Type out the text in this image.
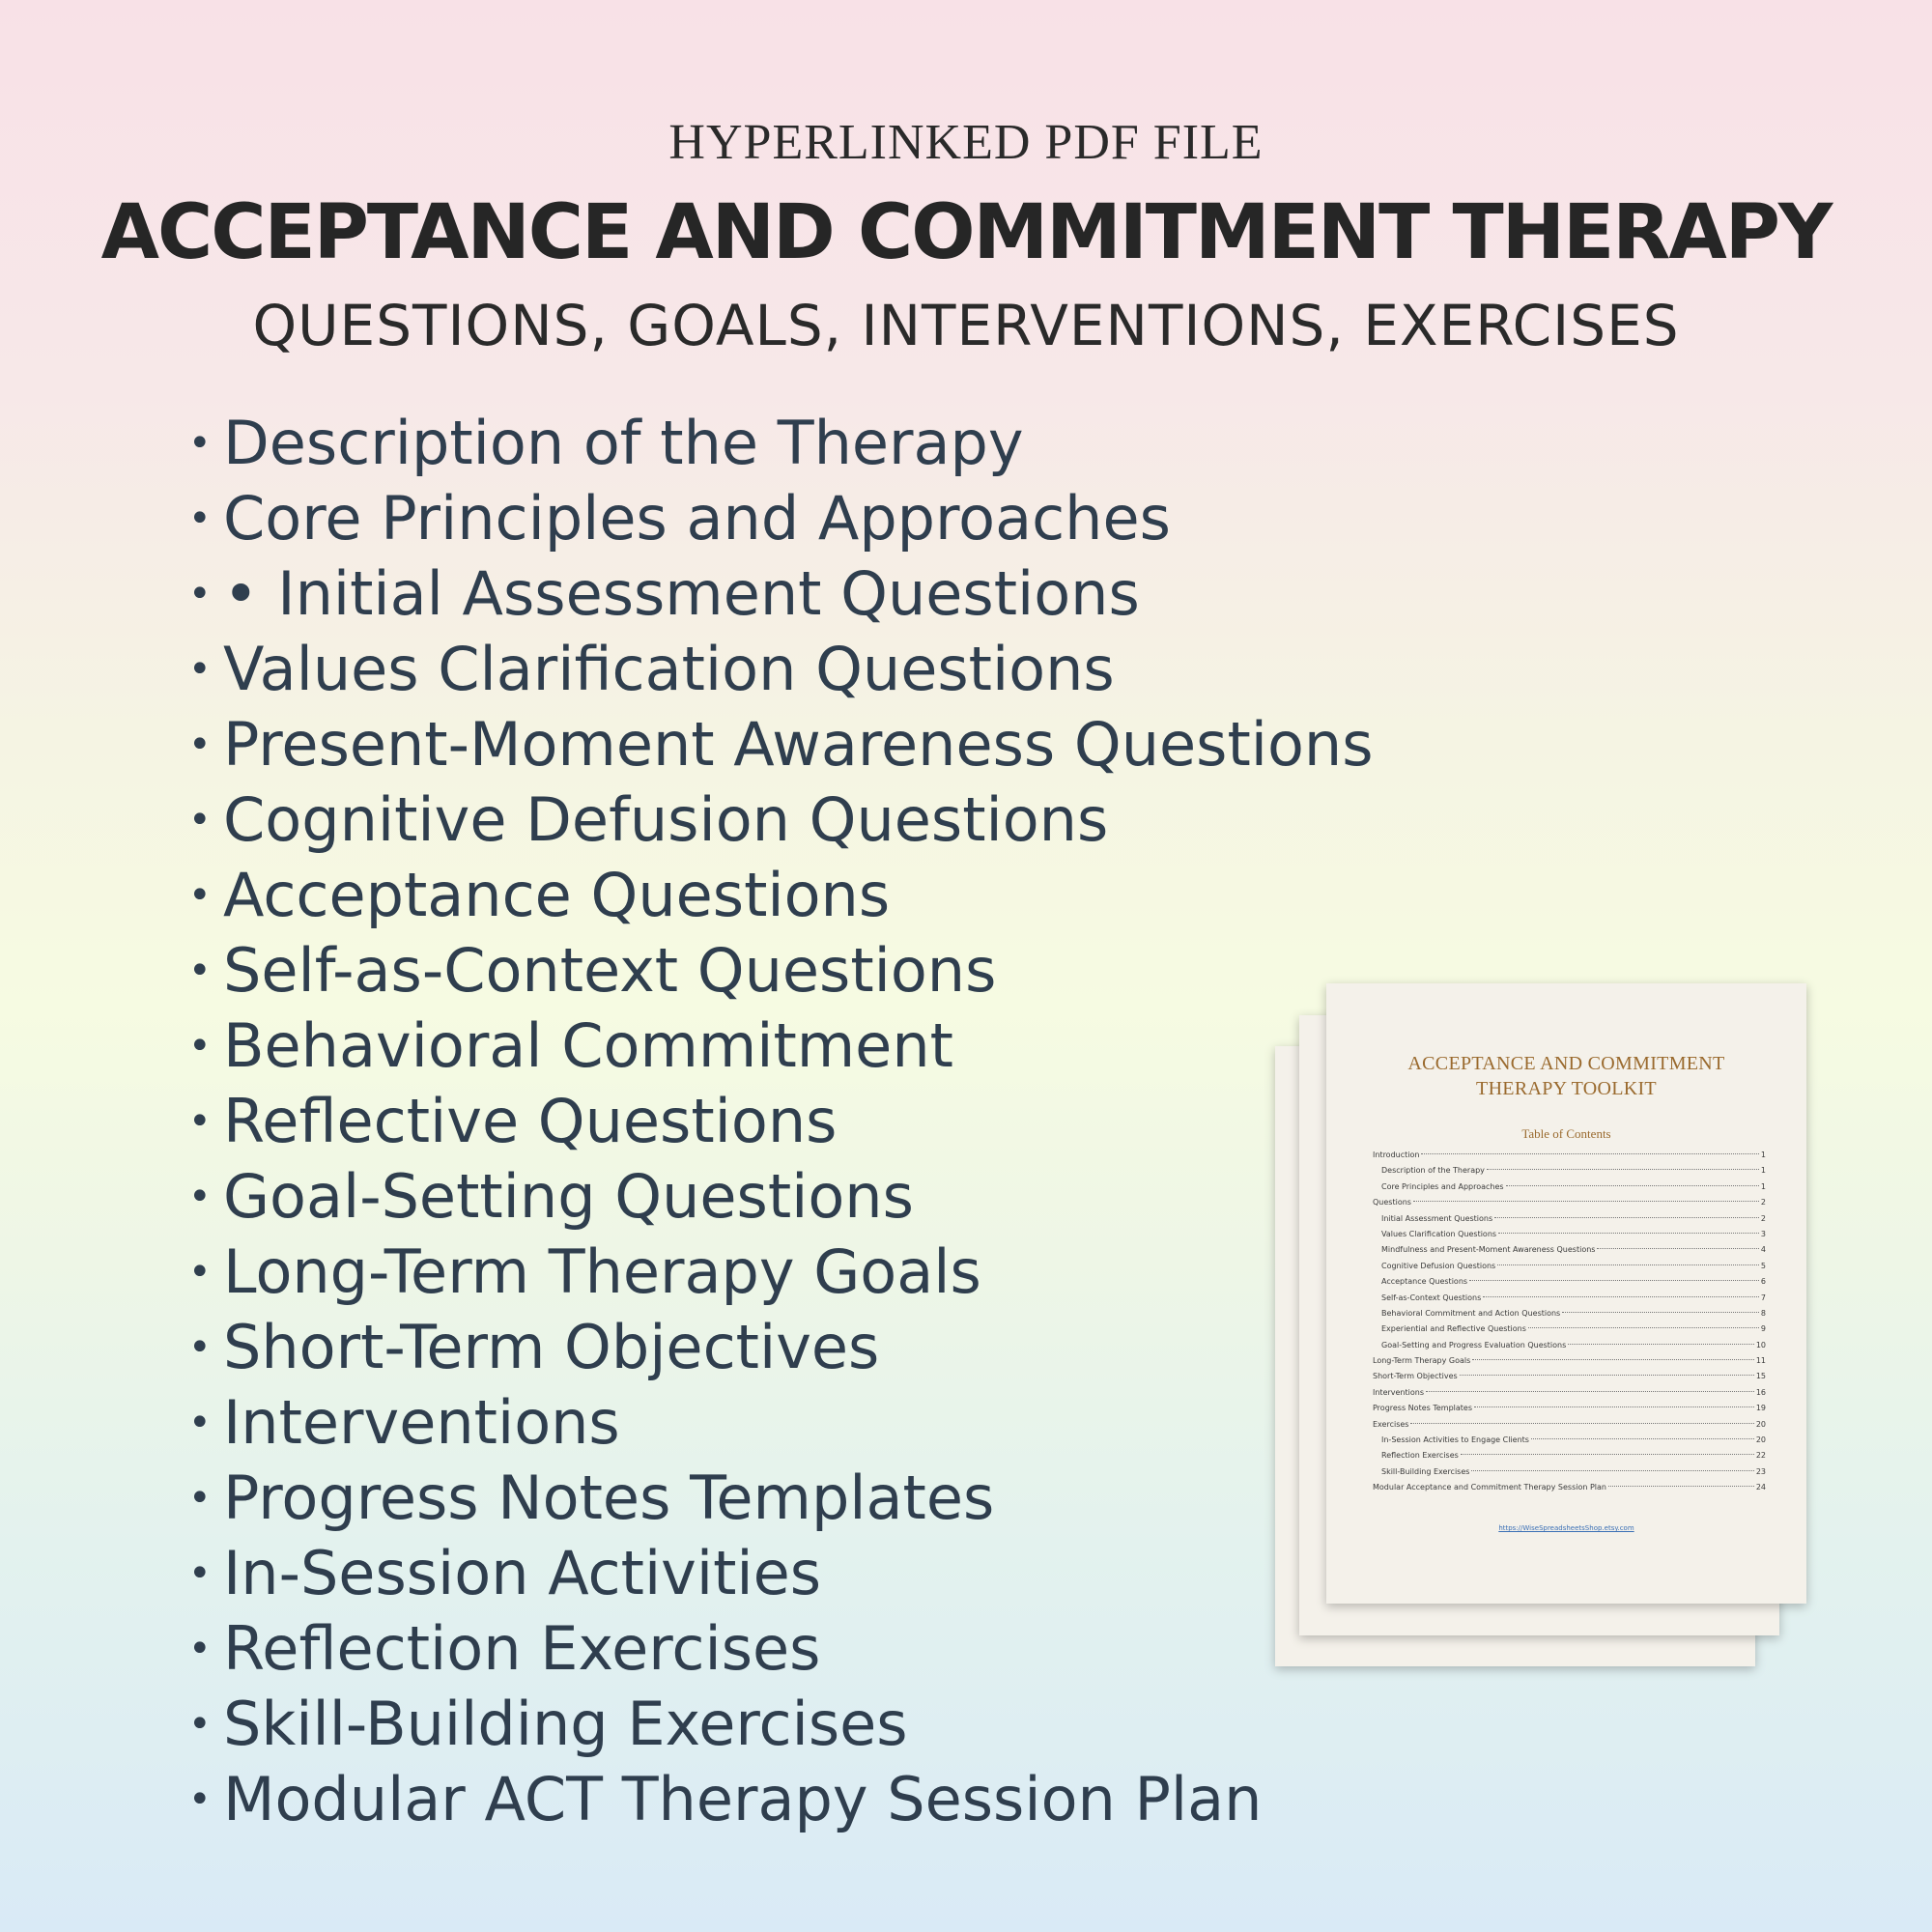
HYPERLINKED PDF FILE
ACCEPTANCE AND COMMITMENT THERAPY
QUESTIONS, GOALS, INTERVENTIONS, EXERCISES
• Description of the Therapy
• Core Principles and Approaches
• • Initial Assessment Questions
• Values Clarification Questions
• Present-Moment Awareness Questions
• Cognitive Defusion Questions
• Acceptance Questions
• Self-as-Context Questions
• Behavioral Commitment
• Reflective Questions
• Goal-Setting Questions
• Long-Term Therapy Goals
• Short-Term Objectives
• Interventions
• Progress Notes Templates
• In-Session Activities
• Reflection Exercises
• Skill-Building Exercises
• Modular ACT Therapy Session Plan
ACCEPTANCE AND COMMITMENT
THERAPY TOOLKIT
Table of Contents
Introduction	1
Description of the Therapy	1
Core Principles and Approaches	1
Questions	2
Initial Assessment Questions	2
Values Clarification Questions	3
Mindfulness and Present-Moment Awareness Questions	4
Cognitive Defusion Questions	5
Acceptance Questions	6
Self-as-Context Questions	7
Behavioral Commitment and Action Questions	8
Experiential and Reflective Questions	9
Goal-Setting and Progress Evaluation Questions	10
Long-Term Therapy Goals	11
Short-Term Objectives	15
Interventions	16
Progress Notes Templates	19
Exercises	20
In-Session Activities to Engage Clients	20
Reflection Exercises	22
Skill-Building Exercises	23
Modular Acceptance and Commitment Therapy Session Plan	24
https://WiseSpreadsheetsShop.etsy.com
